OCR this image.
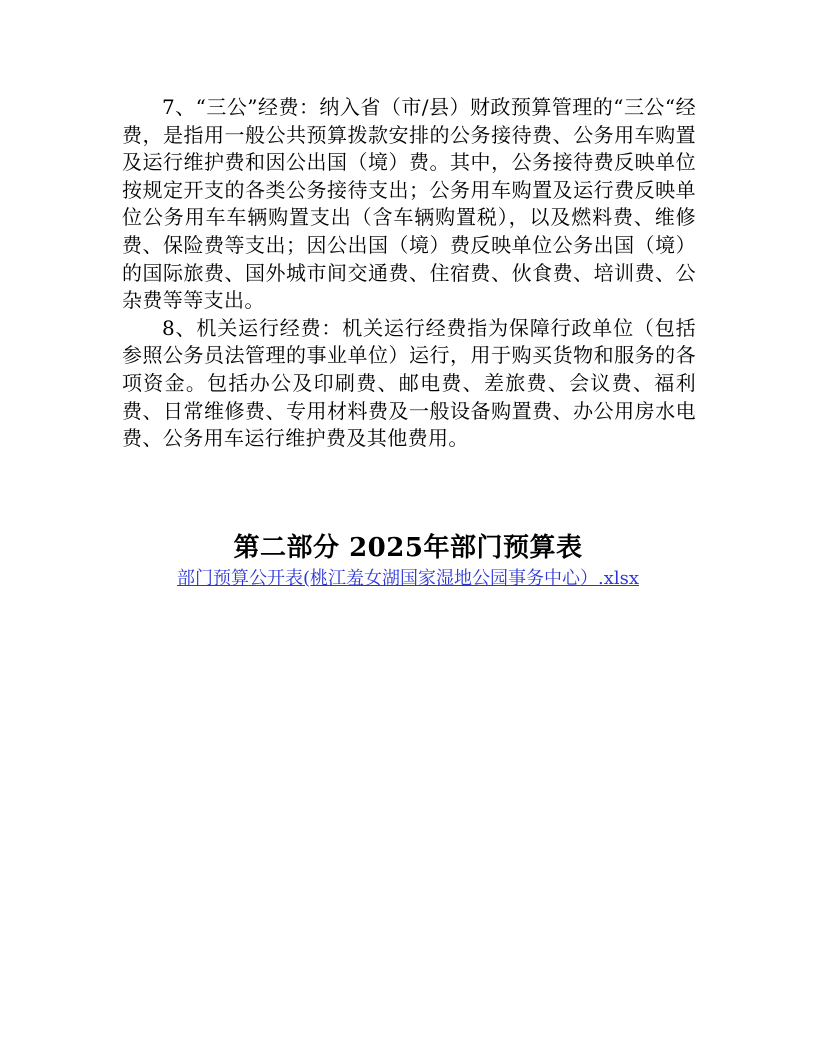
7、“三公”经费：纳入省（市/县）财政预算管理的“三公“经费，是指用一般公共预算拨款安排的公务接待费、公务用车购置及运行维护费和因公出国（境）费。其中，公务接待费反映单位按规定开支的各类公务接待支出；公务用车购置及运行费反映单位公务用车车辆购置支出（含车辆购置税），以及燃料费、维修费、保险费等支出；因公出国（境）费反映单位公务出国（境）的国际旅费、国外城市间交通费、住宿费、伙食费、培训费、公杂费等等支出。

8、机关运行经费：机关运行经费指为保障行政单位（包括参照公务员法管理的事业单位）运行，用于购买货物和服务的各项资金。包括办公及印刷费、邮电费、差旅费、会议费、福利费、日常维修费、专用材料费及一般设备购置费、办公用房水电费、公务用车运行维护费及其他费用。

第二部分 2025年部门预算表

部门预算公开表(桃江羞女湖国家湿地公园事务中心）.xlsx
